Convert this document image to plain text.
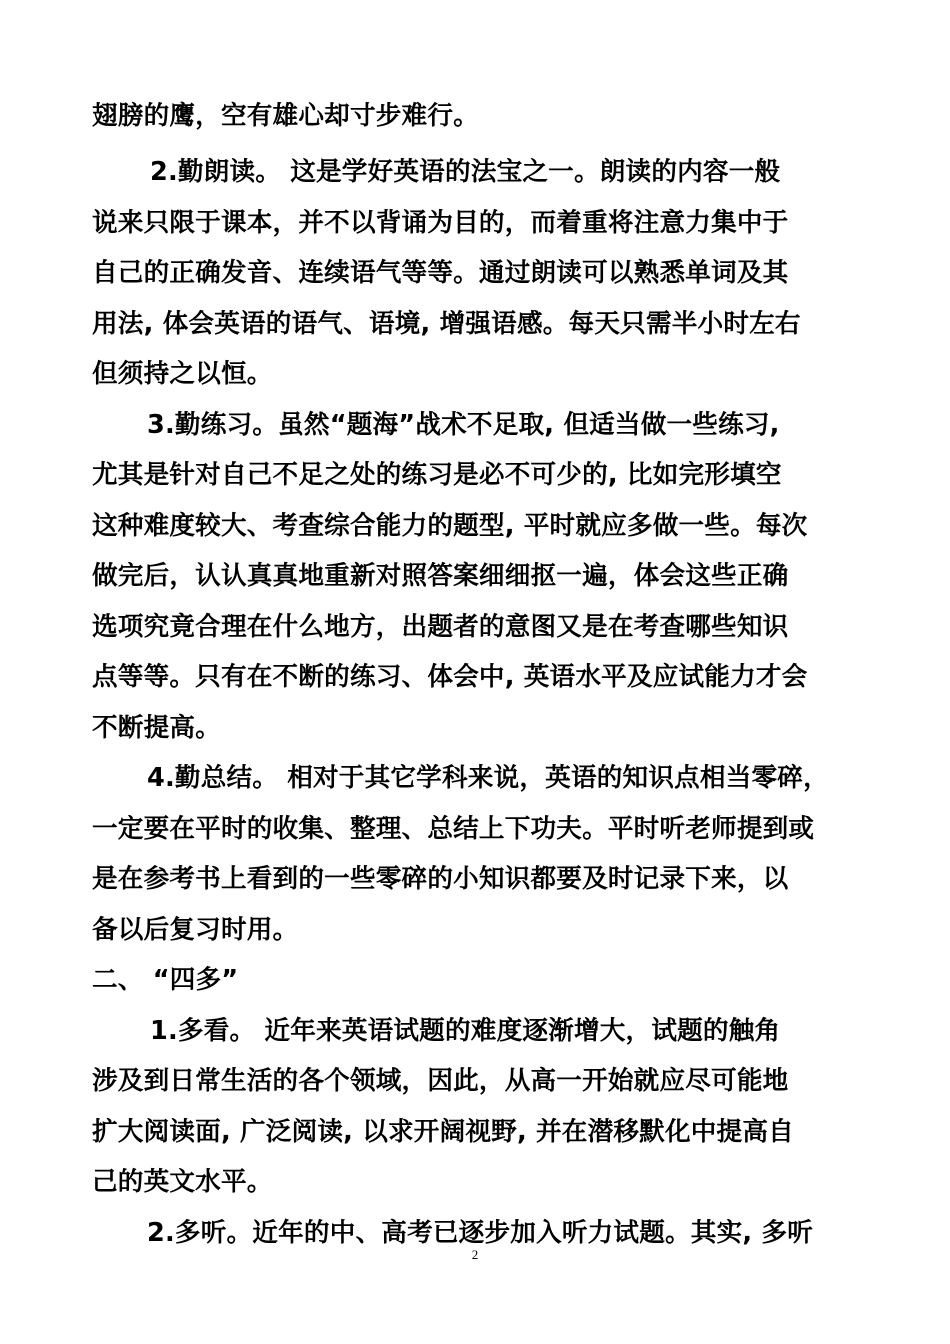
翅膀的鹰，空有雄心却寸步难行。
2.勤朗读。 这是学好英语的法宝之一。朗读的内容一般
说来只限于课本，并不以背诵为目的，而着重将注意力集中于
自己的正确发音、连续语气等等。通过朗读可以熟悉单词及其
用法, 体会英语的语气、语境, 增强语感。每天只需半小时左右
但须持之以恒。
3.勤练习。虽然“题海”战术不足取, 但适当做一些练习,
尤其是针对自己不足之处的练习是必不可少的, 比如完形填空
这种难度较大、考查综合能力的题型, 平时就应多做一些。每次
做完后，认认真真地重新对照答案细细抠一遍，体会这些正确
选项究竟合理在什么地方，出题者的意图又是在考查哪些知识
点等等。只有在不断的练习、体会中, 英语水平及应试能力才会
不断提高。
4.勤总结。 相对于其它学科来说，英语的知识点相当零碎，
一定要在平时的收集、整理、总结上下功夫。平时听老师提到或
是在参考书上看到的一些零碎的小知识都要及时记录下来，以
备以后复习时用。
二、 “四多”
1.多看。 近年来英语试题的难度逐渐增大，试题的触角
涉及到日常生活的各个领域，因此，从高一开始就应尽可能地
扩大阅读面, 广泛阅读, 以求开阔视野, 并在潜移默化中提高自
己的英文水平。
2.多听。近年的中、高考已逐步加入听力试题。其实, 多听
2
